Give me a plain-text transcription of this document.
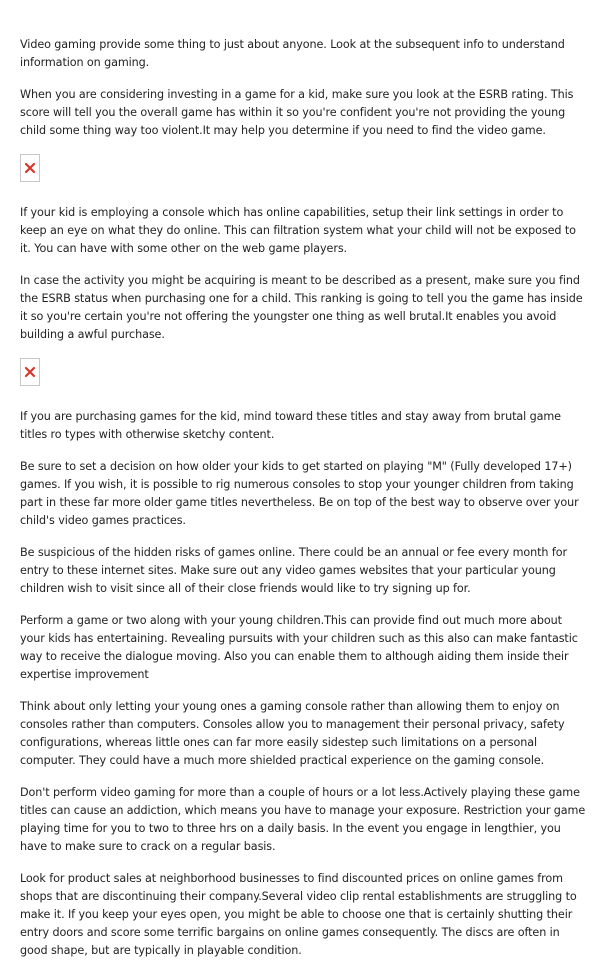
Video gaming provide some thing to just about anyone. Look at the subsequent info to understand information on gaming.

When you are considering investing in a game for a kid, make sure you look at the ESRB rating. This score will tell you the overall game has within it so you're confident you're not providing the young child some thing way too violent.It may help you determine if you need to find the video game.

If your kid is employing a console which has online capabilities, setup their link settings in order to keep an eye on what they do online. This can filtration system what your child will not be exposed to it. You can have with some other on the web game players.

In case the activity you might be acquiring is meant to be described as a present, make sure you find the ESRB status when purchasing one for a child. This ranking is going to tell you the game has inside it so you're certain you're not offering the youngster one thing as well brutal.It enables you avoid building a awful purchase.

If you are purchasing games for the kid, mind toward these titles and stay away from brutal game titles ro types with otherwise sketchy content.

Be sure to set a decision on how older your kids to get started on playing "M" (Fully developed 17+) games. If you wish, it is possible to rig numerous consoles to stop your younger children from taking part in these far more older game titles nevertheless. Be on top of the best way to observe over your child's video games practices.

Be suspicious of the hidden risks of games online. There could be an annual or fee every month for entry to these internet sites. Make sure out any video games websites that your particular young children wish to visit since all of their close friends would like to try signing up for.

Perform a game or two along with your young children.This can provide find out much more about your kids has entertaining. Revealing pursuits with your children such as this also can make fantastic way to receive the dialogue moving. Also you can enable them to although aiding them inside their expertise improvement

Think about only letting your young ones a gaming console rather than allowing them to enjoy on consoles rather than computers. Consoles allow you to management their personal privacy, safety configurations, whereas little ones can far more easily sidestep such limitations on a personal computer. They could have a much more shielded practical experience on the gaming console.

Don't perform video gaming for more than a couple of hours or a lot less.Actively playing these game titles can cause an addiction, which means you have to manage your exposure. Restriction your game playing time for you to two to three hrs on a daily basis. In the event you engage in lengthier, you have to make sure to crack on a regular basis.

Look for product sales at neighborhood businesses to find discounted prices on online games from shops that are discontinuing their company.Several video clip rental establishments are struggling to make it. If you keep your eyes open, you might be able to choose one that is certainly shutting their entry doors and score some terrific bargains on online games consequently. The discs are often in good shape, but are typically in playable condition.
